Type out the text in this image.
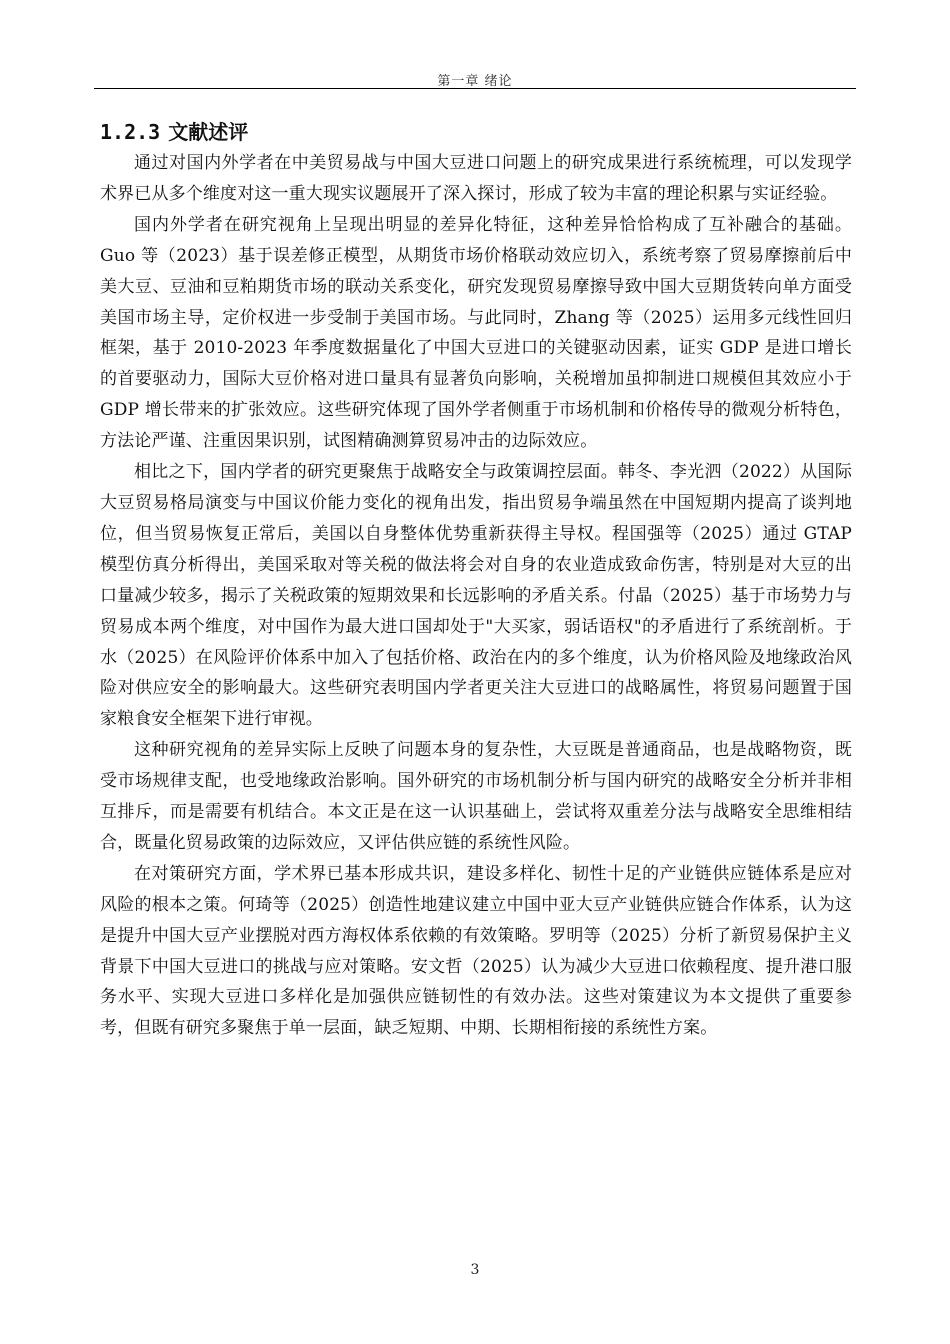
第一章 绪论
1.2.3 文献述评

通过对国内外学者在中美贸易战与中国大豆进口问题上的研究成果进行系统梳理，可以发现学术界已从多个维度对这一重大现实议题展开了深入探讨，形成了较为丰富的理论积累与实证经验。

国内外学者在研究视角上呈现出明显的差异化特征，这种差异恰恰构成了互补融合的基础。Guo 等（2023）基于误差修正模型，从期货市场价格联动效应切入，系统考察了贸易摩擦前后中美大豆、豆油和豆粕期货市场的联动关系变化，研究发现贸易摩擦导致中国大豆期货转向单方面受美国市场主导，定价权进一步受制于美国市场。与此同时，Zhang 等（2025）运用多元线性回归框架，基于 2010-2023 年季度数据量化了中国大豆进口的关键驱动因素，证实 GDP 是进口增长的首要驱动力，国际大豆价格对进口量具有显著负向影响，关税增加虽抑制进口规模但其效应小于 GDP 增长带来的扩张效应。这些研究体现了国外学者侧重于市场机制和价格传导的微观分析特色，方法论严谨、注重因果识别，试图精确测算贸易冲击的边际效应。

相比之下，国内学者的研究更聚焦于战略安全与政策调控层面。韩冬、李光泗（2022）从国际大豆贸易格局演变与中国议价能力变化的视角出发，指出贸易争端虽然在中国短期内提高了谈判地位，但当贸易恢复正常后，美国以自身整体优势重新获得主导权。程国强等（2025）通过 GTAP 模型仿真分析得出，美国采取对等关税的做法将会对自身的农业造成致命伤害，特别是对大豆的出口量减少较多，揭示了关税政策的短期效果和长远影响的矛盾关系。付晶（2025）基于市场势力与贸易成本两个维度，对中国作为最大进口国却处于"大买家，弱话语权"的矛盾进行了系统剖析。于水（2025）在风险评价体系中加入了包括价格、政治在内的多个维度，认为价格风险及地缘政治风险对供应安全的影响最大。这些研究表明国内学者更关注大豆进口的战略属性，将贸易问题置于国家粮食安全框架下进行审视。

这种研究视角的差异实际上反映了问题本身的复杂性，大豆既是普通商品，也是战略物资，既受市场规律支配，也受地缘政治影响。国外研究的市场机制分析与国内研究的战略安全分析并非相互排斥，而是需要有机结合。本文正是在这一认识基础上，尝试将双重差分法与战略安全思维相结合，既量化贸易政策的边际效应，又评估供应链的系统性风险。

在对策研究方面，学术界已基本形成共识，建设多样化、韧性十足的产业链供应链体系是应对风险的根本之策。何琦等（2025）创造性地建议建立中国中亚大豆产业链供应链合作体系，认为这是提升中国大豆产业摆脱对西方海权体系依赖的有效策略。罗明等（2025）分析了新贸易保护主义背景下中国大豆进口的挑战与应对策略。安文哲（2025）认为减少大豆进口依赖程度、提升港口服务水平、实现大豆进口多样化是加强供应链韧性的有效办法。这些对策建议为本文提供了重要参考，但既有研究多聚焦于单一层面，缺乏短期、中期、长期相衔接的系统性方案。

3
